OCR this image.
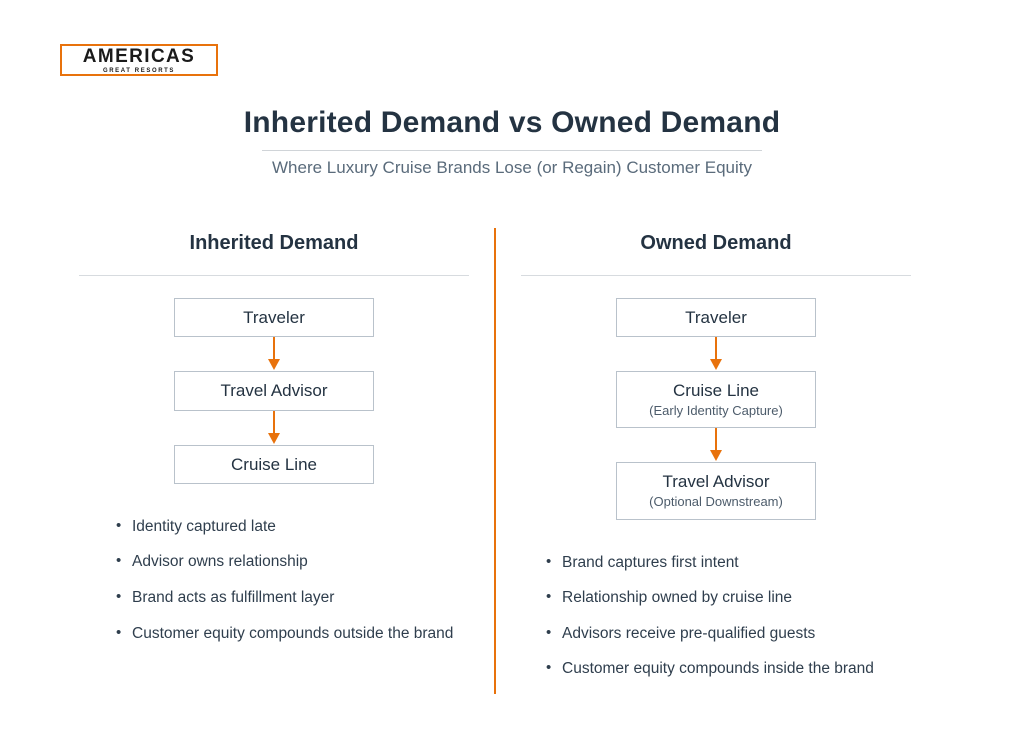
AMERICAS
GREAT RESORTS
Inherited Demand vs Owned Demand
Where Luxury Cruise Brands Lose (or Regain) Customer Equity
Inherited Demand
Traveler
Travel Advisor
Cruise Line
• Identity captured late
• Advisor owns relationship
• Brand acts as fulfillment layer
• Customer equity compounds outside the brand
Owned Demand
Traveler
Cruise Line
(Early Identity Capture)
Travel Advisor
(Optional Downstream)
• Brand captures first intent
• Relationship owned by cruise line
• Advisors receive pre-qualified guests
• Customer equity compounds inside the brand
